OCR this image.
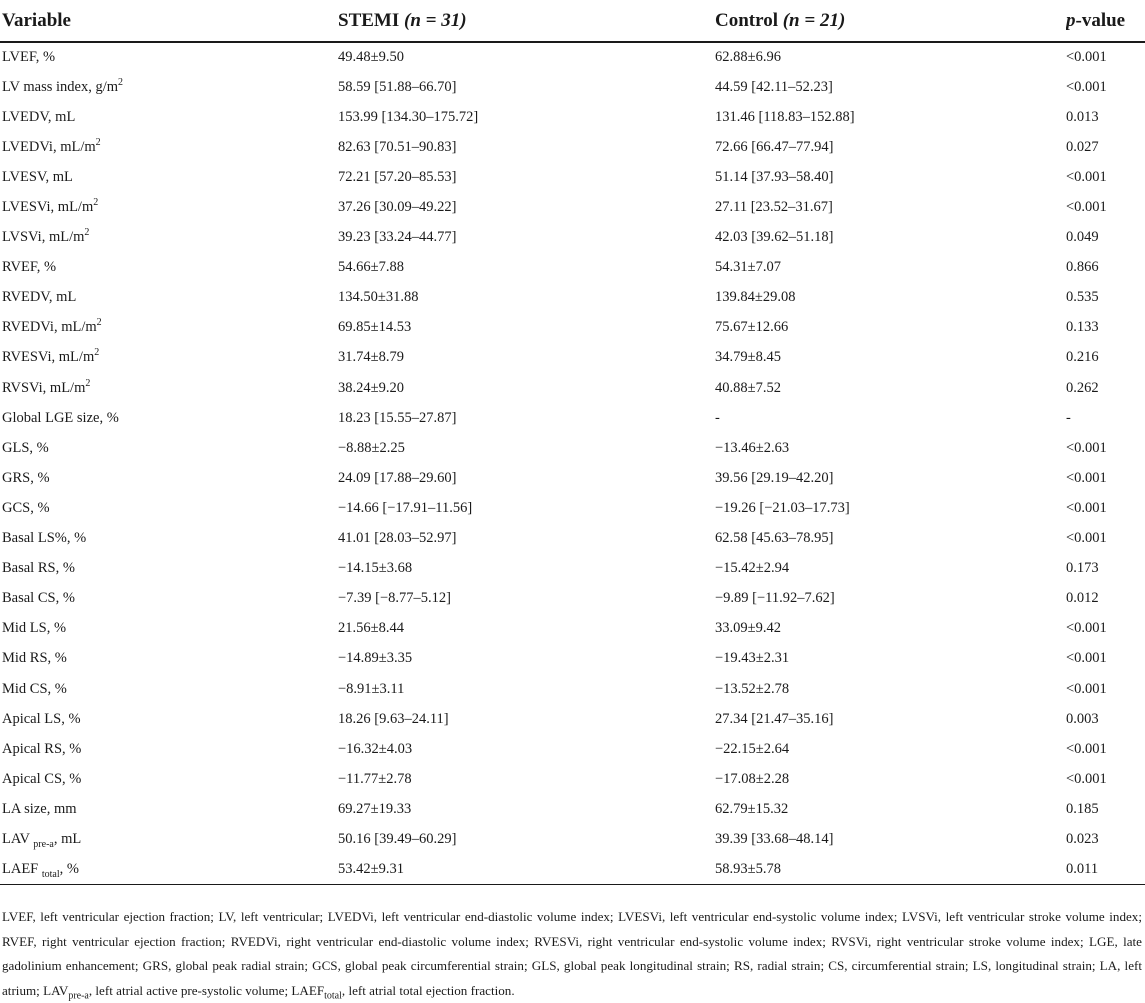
Variable	STEMI (n = 31)	Control (n = 21)	p-value
LVEF, %	49.48±9.50	62.88±6.96	<0.001
LV mass index, $g/m^2$	58.59 [51.88–66.70]	44.59 [42.11–52.23]	<0.001
LVEDV, mL	153.99 [134.30–175.72]	131.46 [118.83–152.88]	0.013
LVEDVi, $mL/m^2$	82.63 [70.51–90.83]	72.66 [66.47–77.94]	0.027
LVESV, mL	72.21 [57.20–85.53]	51.14 [37.93–58.40]	<0.001
LVESVi, $mL/m^2$	37.26 [30.09–49.22]	27.11 [23.52–31.67]	<0.001
LVSVi, $mL/m^2$	39.23 [33.24–44.77]	42.03 [39.62–51.18]	0.049
RVEF, %	54.66±7.88	54.31±7.07	0.866
RVEDV, mL	134.50±31.88	139.84±29.08	0.535
RVEDVi, $mL/m^2$	69.85±14.53	75.67±12.66	0.133
RVESVi, $mL/m^2$	31.74±8.79	34.79±8.45	0.216
RVSVi, $mL/m^2$	38.24±9.20	40.88±7.52	0.262
Global LGE size, %	18.23 [15.55–27.87]	-	-
GLS, %	−8.88±2.25	−13.46±2.63	<0.001
GRS, %	24.09 [17.88–29.60]	39.56 [29.19–42.20]	<0.001
GCS, %	−14.66 [−17.91–11.56]	−19.26 [−21.03–17.73]	<0.001
Basal LS%, %	41.01 [28.03–52.97]	62.58 [45.63–78.95]	<0.001
Basal RS, %	−14.15±3.68	−15.42±2.94	0.173
Basal CS, %	−7.39 [−8.77–5.12]	−9.89 [−11.92–7.62]	0.012
Mid LS, %	21.56±8.44	33.09±9.42	<0.001
Mid RS, %	−14.89±3.35	−19.43±2.31	<0.001
Mid CS, %	−8.91±3.11	−13.52±2.78	<0.001
Apical LS, %	18.26 [9.63–24.11]	27.34 [21.47–35.16]	0.003
Apical RS, %	−16.32±4.03	−22.15±2.64	<0.001
Apical CS, %	−11.77±2.78	−17.08±2.28	<0.001
LA size, mm	69.27±19.33	62.79±15.32	0.185
LAV $_{pre-a}$, mL	50.16 [39.49–60.29]	39.39 [33.68–48.14]	0.023
LAEF $_{total}$, %	53.42±9.31	58.93±5.78	0.011
LVEF, left ventricular ejection fraction; LV, left ventricular; LVEDVi, left ventricular end-diastolic volume index; LVESVi, left ventricular end-systolic volume index; LVSVi, left ventricular stroke volume index; RVEF, right ventricular ejection fraction; RVEDVi, right ventricular end-diastolic volume index; RVESVi, right ventricular end-systolic volume index; RVSVi, right ventricular stroke volume index; LGE, late gadolinium enhancement; GRS, global peak radial strain; GCS, global peak circumferential strain; GLS, global peak longitudinal strain; RS, radial strain; CS, circumferential strain; LS, longitudinal strain; LA, left atrium; $LAV_{pre-a}$, left atrial active pre-systolic volume; $LAEF_{total}$, left atrial total ejection fraction.
